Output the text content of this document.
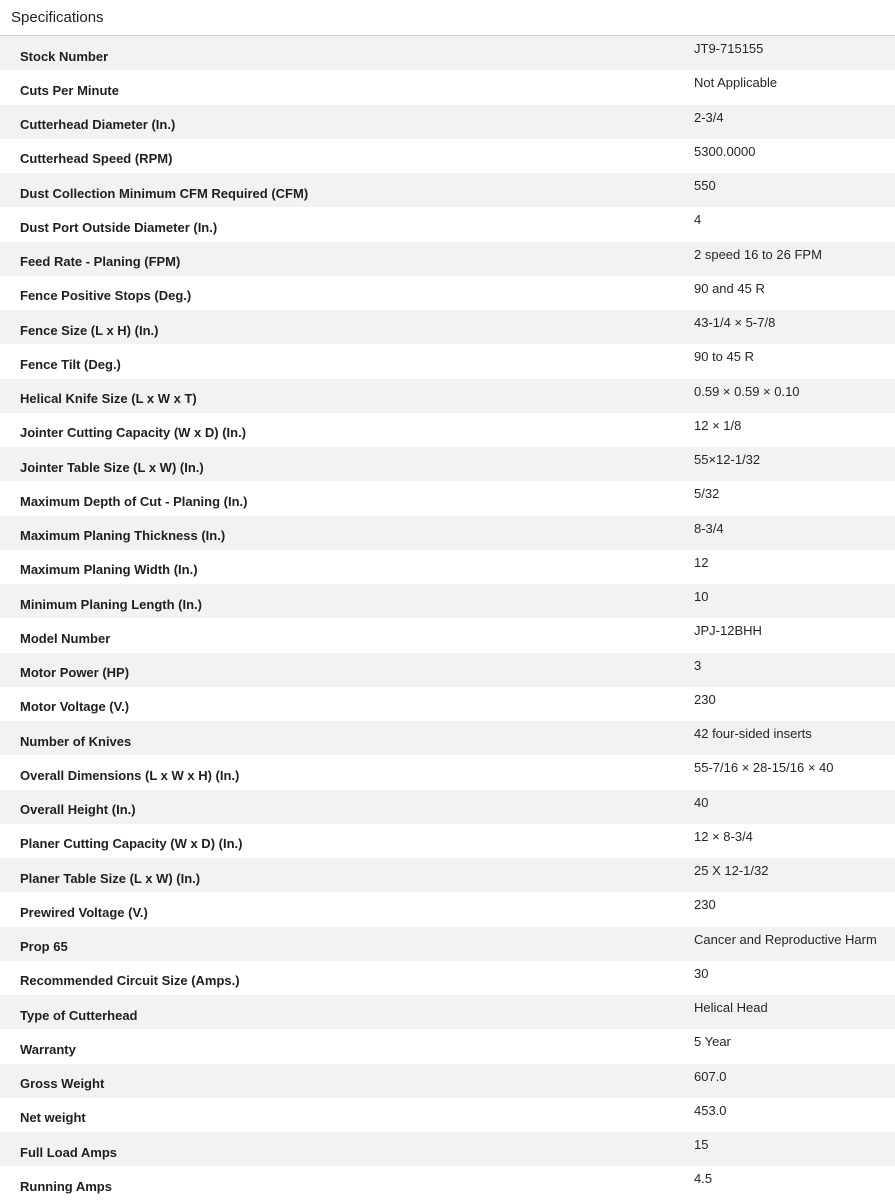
Specifications
Stock Number	JT9-715155
Cuts Per Minute	Not Applicable
Cutterhead Diameter (In.)	2-3/4
Cutterhead Speed (RPM)	5300.0000
Dust Collection Minimum CFM Required (CFM)	550
Dust Port Outside Diameter (In.)	4
Feed Rate - Planing (FPM)	2 speed 16 to 26 FPM
Fence Positive Stops (Deg.)	90 and 45 R
Fence Size (L x H) (In.)	43-1/4 × 5-7/8
Fence Tilt (Deg.)	90 to 45 R
Helical Knife Size (L x W x T)	0.59 × 0.59 × 0.10
Jointer Cutting Capacity (W x D) (In.)	12 × 1/8
Jointer Table Size (L x W) (In.)	55×12-1/32
Maximum Depth of Cut - Planing (In.)	5/32
Maximum Planing Thickness (In.)	8-3/4
Maximum Planing Width (In.)	12
Minimum Planing Length (In.)	10
Model Number	JPJ-12BHH
Motor Power (HP)	3
Motor Voltage (V.)	230
Number of Knives	42 four-sided inserts
Overall Dimensions (L x W x H) (In.)	55-7/16 × 28-15/16 × 40
Overall Height (In.)	40
Planer Cutting Capacity (W x D) (In.)	12 × 8-3/4
Planer Table Size (L x W) (In.)	25 X 12-1/32
Prewired Voltage (V.)	230
Prop 65	Cancer and Reproductive Harm
Recommended Circuit Size (Amps.)	30
Type of Cutterhead	Helical Head
Warranty	5 Year
Gross Weight	607.0
Net weight	453.0
Full Load Amps	15
Running Amps	4.5
